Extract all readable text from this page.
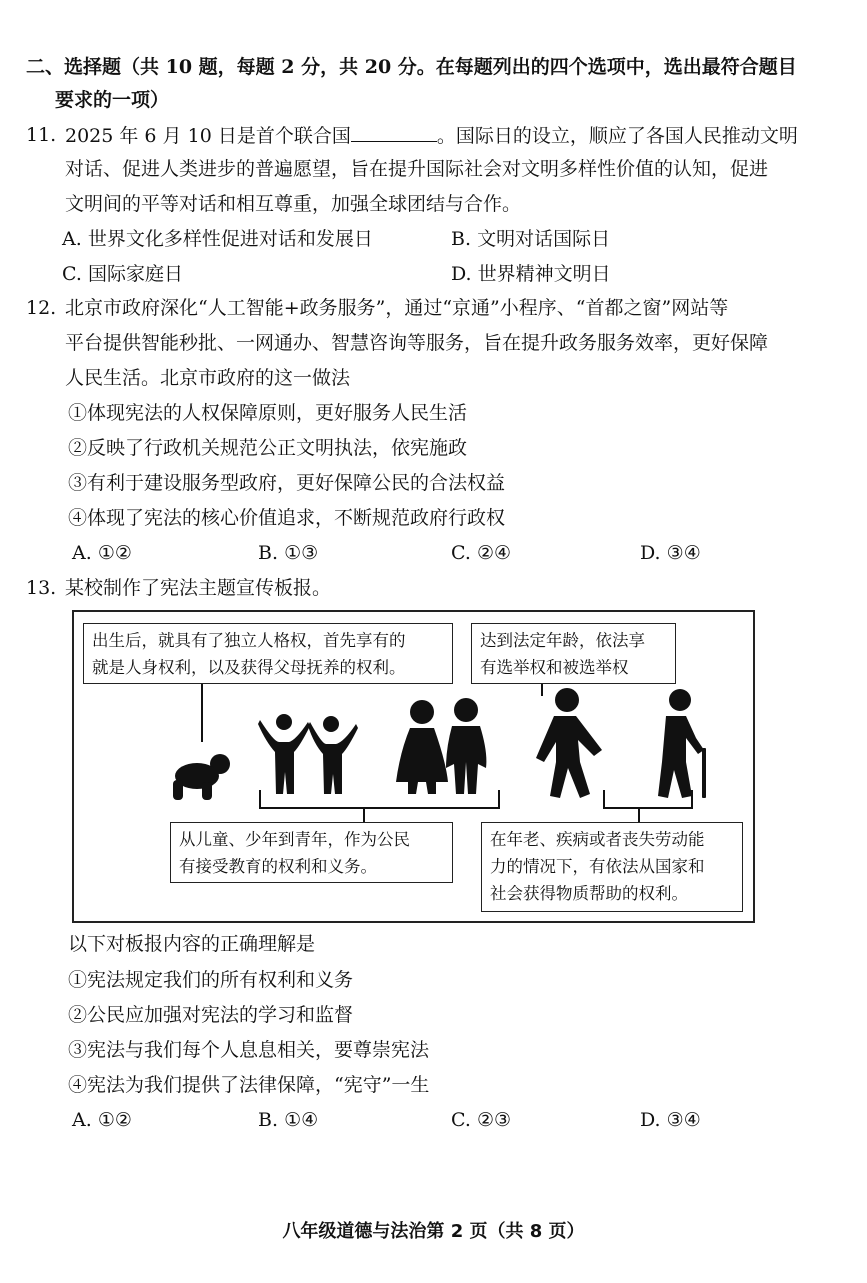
二、选择题（共 10 题，每题 2 分，共 20 分。在每题列出的四个选项中，选出最符合题目
要求的一项）
11. 2025 年 6 月 10 日是首个联合国	。国际日的设立，顺应了各国人民推动文明
对话、促进人类进步的普遍愿望，旨在提升国际社会对文明多样性价值的认知，促进
文明间的平等对话和相互尊重，加强全球团结与合作。
A. 世界文化多样性促进对话和发展日	B. 文明对话国际日
C. 国际家庭日	D. 世界精神文明日
12. 北京市政府深化“人工智能+政务服务”，通过“京通”小程序、“首都之窗”网站等
平台提供智能秒批、一网通办、智慧咨询等服务，旨在提升政务服务效率，更好保障
人民生活。北京市政府的这一做法
①体现宪法的人权保障原则，更好服务人民生活
②反映了行政机关规范公正文明执法，依宪施政
③有利于建设服务型政府，更好保障公民的合法权益
④体现了宪法的核心价值追求，不断规范政府行政权
A. ①②	B. ①③	C. ②④	D. ③④
13. 某校制作了宪法主题宣传板报。
出生后，就具有了独立人格权，首先享有的
就是人身权利，以及获得父母抚养的权利。
达到法定年龄，依法享
有选举权和被选举权
从儿童、少年到青年，作为公民
有接受教育的权利和义务。
在年老、疾病或者丧失劳动能
力的情况下，有依法从国家和
社会获得物质帮助的权利。
以下对板报内容的正确理解是
①宪法规定我们的所有权利和义务
②公民应加强对宪法的学习和监督
③宪法与我们每个人息息相关，要尊崇宪法
④宪法为我们提供了法律保障，“宪守”一生
A. ①②	B. ①④	C. ②③	D. ③④
八年级道德与法治第 2 页（共 8 页）
